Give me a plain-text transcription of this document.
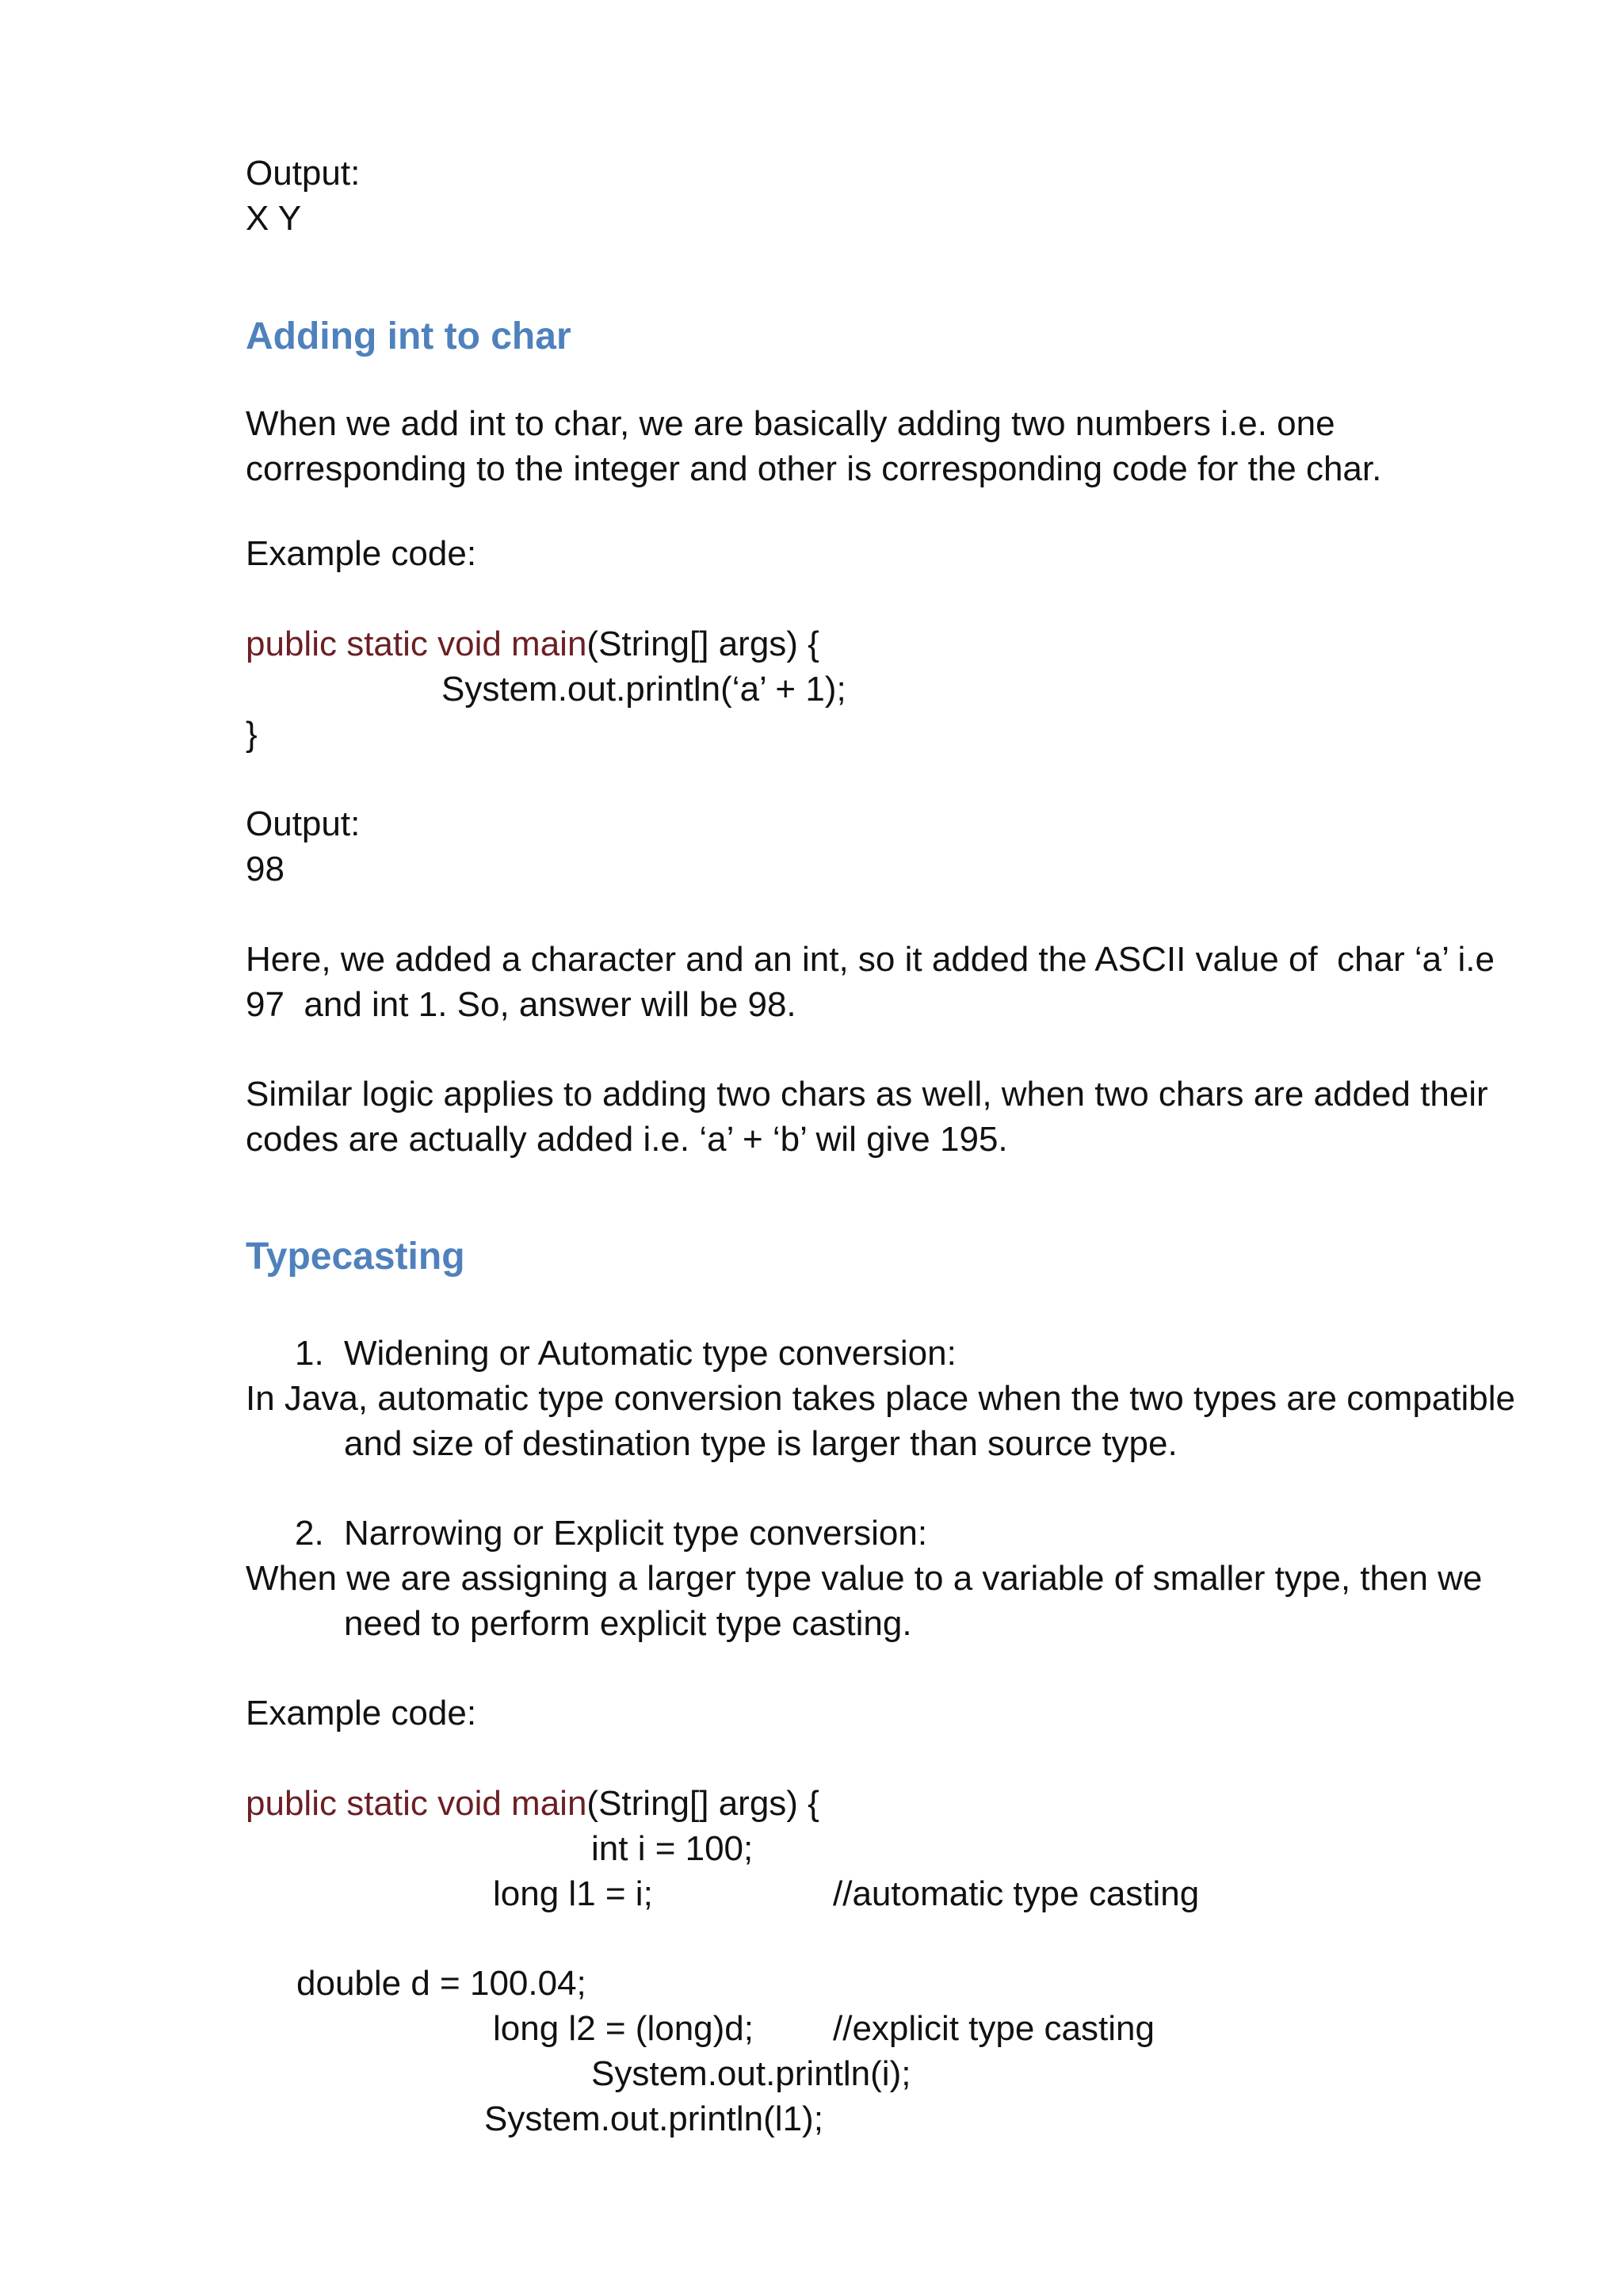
Output:

X Y

Adding int to char

When we add int to char, we are basically adding two numbers i.e. one

corresponding to the integer and other is corresponding code for the char.

Example code:

public static void main(String[] args) {
System.out.println(‘a’ + 1);
}

Output:

98

Here, we added a character and an int, so it added the ASCII value of  char ‘a’ i.e

97  and int 1. So, answer will be 98.

Similar logic applies to adding two chars as well, when two chars are added their

codes are actually added i.e. ‘a’ + ‘b’ wil give 195.

Typecasting

1. Widening or Automatic type conversion:

In Java, automatic type conversion takes place when the two types are compatible

and size of destination type is larger than source type.

2. Narrowing or Explicit type conversion:

When we are assigning a larger type value to a variable of smaller type, then we

need to perform explicit type casting.

Example code:

public static void main(String[] args) {
int i = 100;
long l1 = i;	//automatic type casting
double d = 100.04;
long l2 = (long)d; //explicit type casting
System.out.println(i);
System.out.println(l1);
